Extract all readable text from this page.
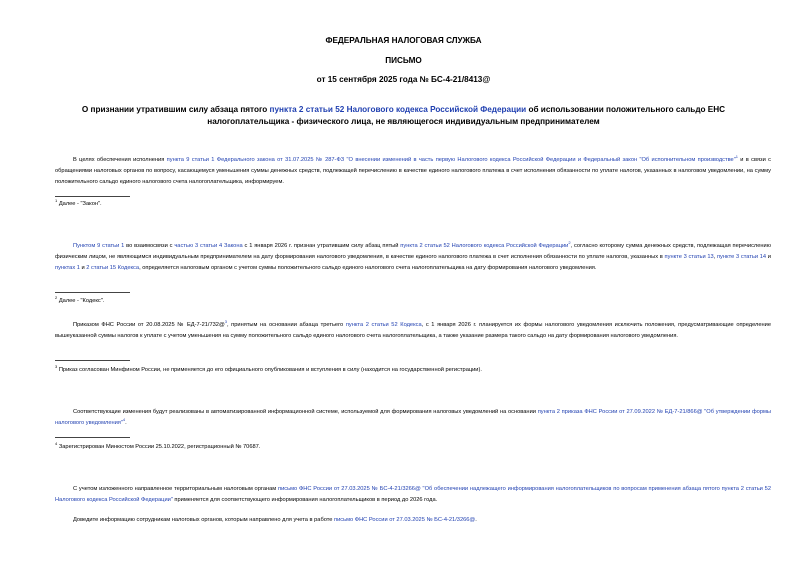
ФЕДЕРАЛЬНАЯ НАЛОГОВАЯ СЛУЖБА
ПИСЬМО
от 15 сентября 2025 года № БС-4-21/8413@
О признании утратившим силу абзаца пятого пункта 2 статьи 52 Налогового кодекса Российской Федерации об использовании положительного сальдо ЕНС налогоплательщика - физического лица, не являющегося индивидуальным предпринимателем
В целях обеспечения исполнения пункта 9 статьи 1 Федерального закона от 31.07.2025 № 287-ФЗ "О внесении изменений в часть первую Налогового кодекса Российской Федерации и Федеральный закон "Об исполнительном производстве"$^1$ и в связи с обращениями налоговых органов по вопросу, касающемуся уменьшения суммы денежных средств, подлежащей перечислению в качестве единого налогового платежа в счет исполнения обязанности по уплате налогов, указанных в налоговом уведомлении, на сумму положительного сальдо единого налогового счета налогоплательщика, информируем.
$^1$ Далее - "Закон".
Пунктом 9 статьи 1 во взаимосвязи с частью 3 статьи 4 Закона с 1 января 2026 г. признан утратившим силу абзац пятый пункта 2 статьи 52 Налогового кодекса Российской Федерации$^2$, согласно которому сумма денежных средств, подлежащая перечислению физическим лицом, не являющимся индивидуальным предпринимателем на дату формирования налогового уведомления, в качестве единого налогового платежа в счет исполнения обязанности по уплате налогов, указанных в пункте 3 статьи 13, пункте 3 статьи 14 и пунктах 1 и 2 статьи 15 Кодекса, определяется налоговым органом с учетом суммы положительного сальдо единого налогового счета налогоплательщика на дату формирования налогового уведомления.
$^2$ Далее - "Кодекс".
Приказом ФНС России от 20.08.2025 № ЕД-7-21/732@$^3$, принятым на основании абзаца третьего пункта 2 статьи 52 Кодекса, с 1 января 2026 г. планируется их формы налогового уведомления исключить положения, предусматривающие определение вышеуказанной суммы налогов к уплате с учетом уменьшения на сумму положительного сальдо единого налогового счета налогоплательщика, а также указание размера такого сальдо на дату формирования налогового уведомления.
$^3$ Приказ согласован Минфином России, не применяется до его официального опубликования и вступления в силу (находится на государственной регистрации).
Соответствующие изменения будут реализованы в автоматизированной информационной системе, используемой для формирования налоговых уведомлений на основании пункта 2 приказа ФНС России от 27.09.2022 № ЕД-7-21/866@ "Об утверждении формы налогового уведомления"$^4$.
$^4$ Зарегистрирован Минюстом России 25.10.2022, регистрационный № 70687.
С учетом изложенного направленное территориальным налоговым органам письмо ФНС России от 27.03.2025 № БС-4-21/3266@ "Об обеспечении надлежащего информирования налогоплательщиков по вопросам применения абзаца пятого пункта 2 статьи 52 Налогового кодекса Российской Федерации" применяется для соответствующего информирования налогоплательщиков в период до 2026 года.
Доведите информацию сотрудникам налоговых органов, которым направлено для учета в работе письмо ФНС России от 27.03.2025 № БС-4-21/3266@.
